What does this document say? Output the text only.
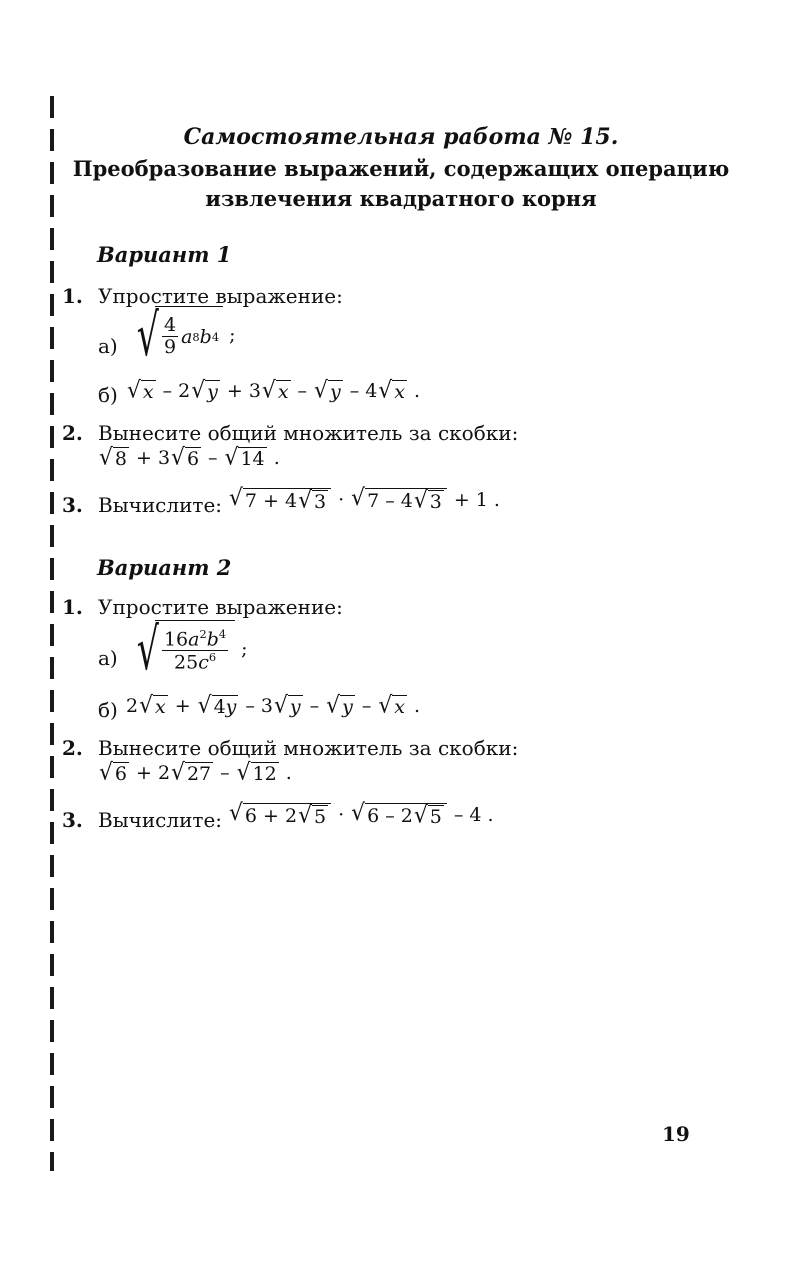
Самостоятельная работа № 15.
Преобразование выражений, содержащих операцию
извлечения квадратного корня
Вариант 1
1. Упростите выражение:
а) √ $\frac{4}{9}$ a 8 b 4 ;
б) √ x – 2 √ y + 3 √ x – √ y – 4 √ x .
2. Вынесите общий множитель за скобки:
√ 8 + 3 √ 6 – √ 14 .
3. Вычислите: √ 7 + 4 √ 3 · √ 7 – 4 √ 3 + 1 .
Вариант 2
1. Упростите выражение:
а) √ $\frac{16a^2b^4}{25c^6}$ ;
б) 2 √ x + √ 4y – 3 √ y – √ y – √ x .
2. Вынесите общий множитель за скобки:
√ 6 + 2 √ 27 – √ 12 .
3. Вычислите: √ 6 + 2 √ 5 · √ 6 – 2 √ 5 – 4 .
19
